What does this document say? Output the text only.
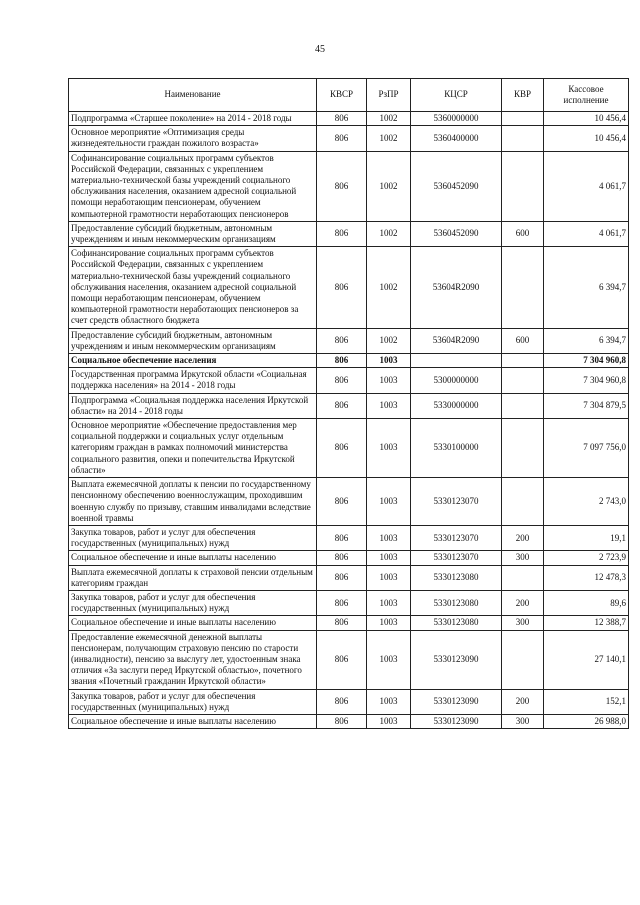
45
Наименование	КВСР	РзПР	КЦСР	КВР	Кассовое исполнение
Подпрограмма «Старшее поколение» на 2014 - 2018 годы	806	1002	5360000000		10 456,4
Основное мероприятие «Оптимизация среды жизнедеятельности граждан пожилого возраста»	806	1002	5360400000		10 456,4
Софинансирование социальных программ субъектов Российской Федерации, связанных с укреплением материально-технической базы учреждений социального обслуживания населения, оказанием адресной социальной помощи неработающим пенсионерам, обучением компьютерной грамотности неработающих пенсионеров	806	1002	5360452090		4 061,7
Предоставление субсидий бюджетным, автономным учреждениям и иным некоммерческим организациям	806	1002	5360452090	600	4 061,7
Софинансирование социальных программ субъектов Российской Федерации, связанных с укреплением материально-технической базы учреждений социального обслуживания населения, оказанием адресной социальной помощи неработающим пенсионерам, обучением компьютерной грамотности неработающих пенсионеров за счет средств областного бюджета	806	1002	53604R2090		6 394,7
Предоставление субсидий бюджетным, автономным учреждениям и иным некоммерческим организациям	806	1002	53604R2090	600	6 394,7
Социальное обеспечение населения	806	1003			7 304 960,8
Государственная программа Иркутской области «Социальная поддержка населения» на 2014 - 2018 годы	806	1003	5300000000		7 304 960,8
Подпрограмма «Социальная поддержка населения Иркутской области» на 2014 - 2018 годы	806	1003	5330000000		7 304 879,5
Основное мероприятие «Обеспечение предоставления мер социальной поддержки и социальных услуг отдельным категориям граждан в рамках полномочий министерства социального развития, опеки и попечительства Иркутской области»	806	1003	5330100000		7 097 756,0
Выплата ежемесячной доплаты к пенсии по государственному пенсионному обеспечению военнослужащим, проходившим военную службу по призыву, ставшим инвалидами вследствие военной травмы	806	1003	5330123070		2 743,0
Закупка товаров, работ и услуг для обеспечения государственных (муниципальных) нужд	806	1003	5330123070	200	19,1
Социальное обеспечение и иные выплаты населению	806	1003	5330123070	300	2 723,9
Выплата ежемесячной доплаты к страховой пенсии отдельным категориям граждан	806	1003	5330123080		12 478,3
Закупка товаров, работ и услуг для обеспечения государственных (муниципальных) нужд	806	1003	5330123080	200	89,6
Социальное обеспечение и иные выплаты населению	806	1003	5330123080	300	12 388,7
Предоставление ежемесячной денежной выплаты пенсионерам, получающим страховую пенсию по старости (инвалидности), пенсию за выслугу лет, удостоенным знака отличия «За заслуги перед Иркутской областью», почетного звания «Почетный гражданин Иркутской области»	806	1003	5330123090		27 140,1
Закупка товаров, работ и услуг для обеспечения государственных (муниципальных) нужд	806	1003	5330123090	200	152,1
Социальное обеспечение и иные выплаты населению	806	1003	5330123090	300	26 988,0
